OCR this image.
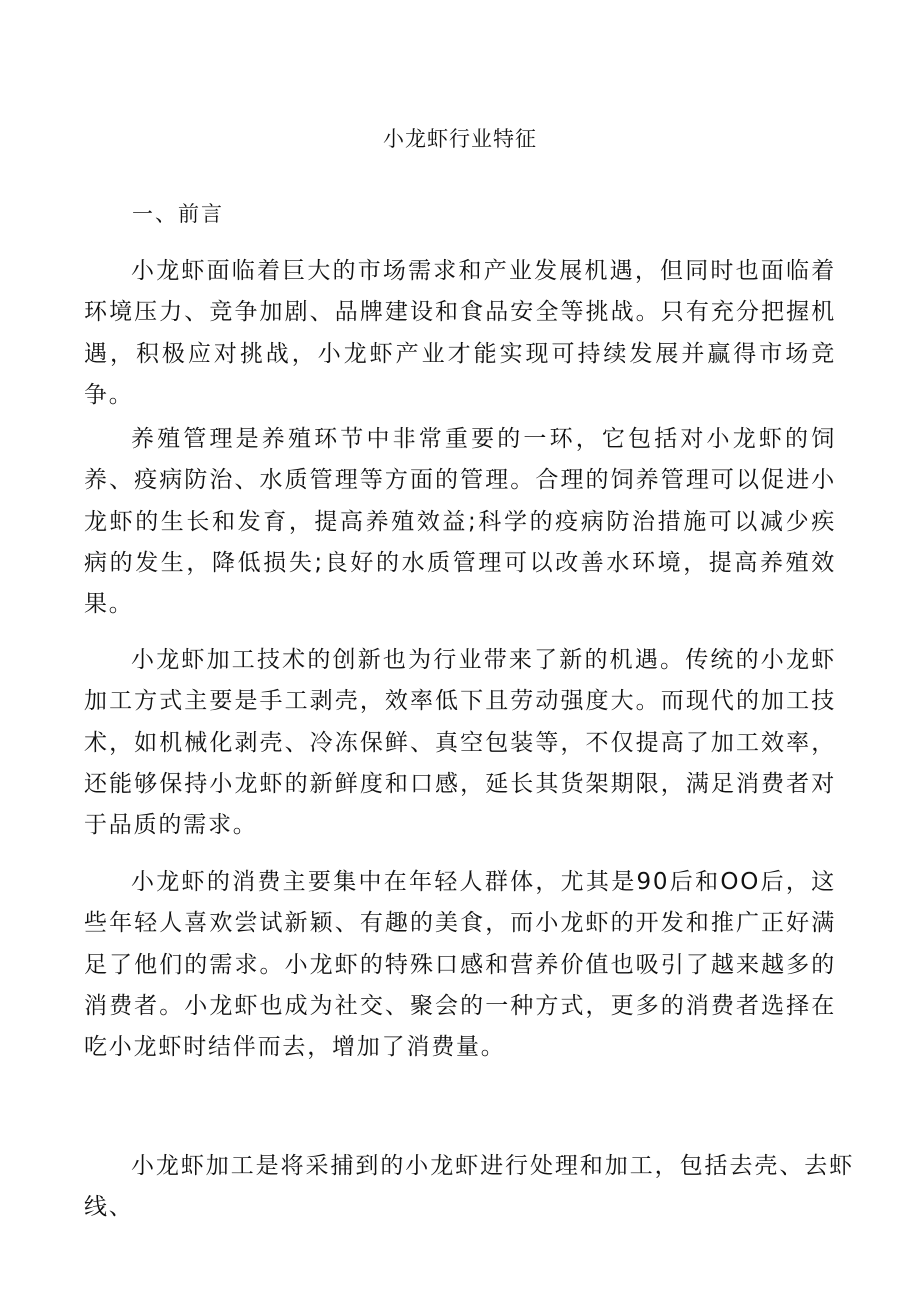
小龙虾行业特征
一、前言

小龙虾面临着巨大的市场需求和产业发展机遇，但同时也面临着环境压力、竞争加剧、品牌建设和食品安全等挑战。只有充分把握机遇，积极应对挑战，小龙虾产业才能实现可持续发展并赢得市场竞争。

养殖管理是养殖环节中非常重要的一环，它包括对小龙虾的饲养、疫病防治、水质管理等方面的管理。合理的饲养管理可以促进小龙虾的生长和发育，提高养殖效益;科学的疫病防治措施可以减少疾病的发生，降低损失;良好的水质管理可以改善水环境，提高养殖效果。

小龙虾加工技术的创新也为行业带来了新的机遇。传统的小龙虾加工方式主要是手工剥壳，效率低下且劳动强度大。而现代的加工技术，如机械化剥壳、冷冻保鲜、真空包装等，不仅提高了加工效率，还能够保持小龙虾的新鲜度和口感，延长其货架期限，满足消费者对于品质的需求。

小龙虾的消费主要集中在年轻人群体，尤其是90后和OO后，这些年轻人喜欢尝试新颖、有趣的美食，而小龙虾的开发和推广正好满足了他们的需求。小龙虾的特殊口感和营养价值也吸引了越来越多的消费者。小龙虾也成为社交、聚会的一种方式，更多的消费者选择在吃小龙虾时结伴而去，增加了消费量。

小龙虾加工是将采捕到的小龙虾进行处理和加工，包括去壳、去虾线、
